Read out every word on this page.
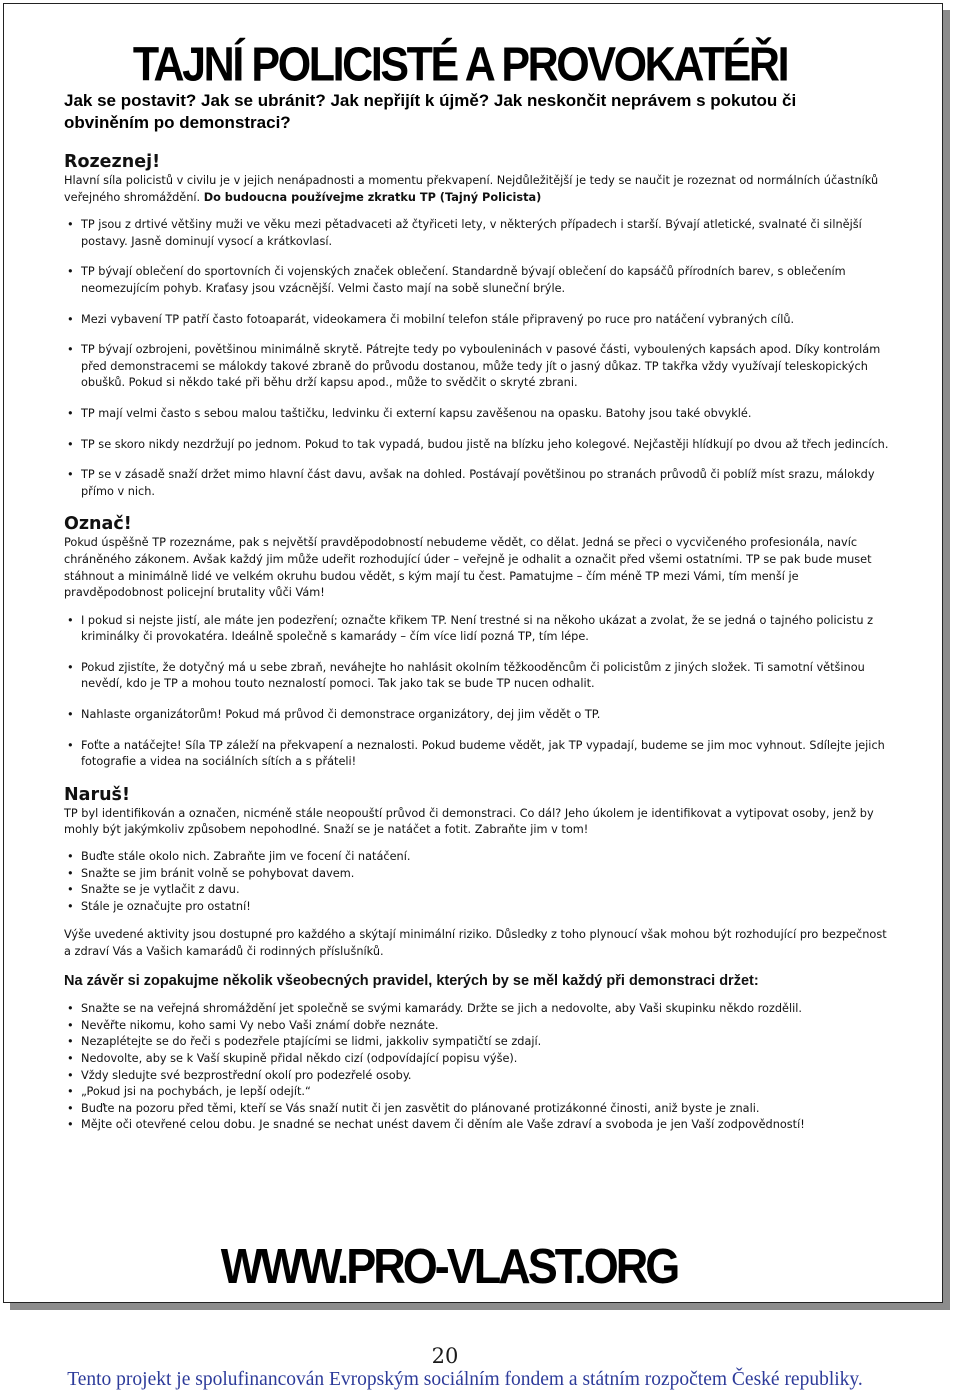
TAJNÍ POLICISTÉ A PROVOKATÉŘI
Jak se postavit? Jak se ubránit? Jak nepřijít k újmě? Jak neskončit neprávem s pokutou či obviněním po demonstraci?
Rozeznej!
Hlavní síla policistů v civilu je v jejich nenápadnosti a momentu překvapení. Nejdůležitější je tedy se naučit je rozeznat od normálních účastníků veřejného shromáždění. Do budoucna používejme zkratku TP (Tajný Policista)
• TP jsou z drtivé většiny muži ve věku mezi pětadvaceti až čtyřiceti lety, v některých případech i starší. Bývají atletické, svalnaté či silnější postavy. Jasně dominují vysocí a krátkovlasí.
• TP bývají oblečení do sportovních či vojenských značek oblečení. Standardně bývají oblečení do kapsáčů přírodních barev, s oblečením neomezujícím pohyb. Kraťasy jsou vzácnější. Velmi často mají na sobě sluneční brýle.
• Mezi vybavení TP patří často fotoaparát, videokamera či mobilní telefon stále připravený po ruce pro natáčení vybraných cílů.
• TP bývají ozbrojeni, povětšinou minimálně skrytě. Pátrejte tedy po vybouleninách v pasové části, vyboulených kapsách apod. Díky kontrolám před demonstracemi se málokdy takové zbraně do průvodu dostanou, může tedy jít o jasný důkaz. TP takřka vždy využívají teleskopických obušků. Pokud si někdo také při běhu drží kapsu apod., může to svědčit o skryté zbrani.
• TP mají velmi často s sebou malou taštičku, ledvinku či externí kapsu zavěšenou na opasku. Batohy jsou také obvyklé.
• TP se skoro nikdy nezdržují po jednom. Pokud to tak vypadá, budou jistě na blízku jeho kolegové. Nejčastěji hlídkují po dvou až třech jedincích.
• TP se v zásadě snaží držet mimo hlavní část davu, avšak na dohled. Postávají povětšinou po stranách průvodů či poblíž míst srazu, málokdy přímo v nich.
Označ!
Pokud úspěšně TP rozeznáme, pak s největší pravděpodobností nebudeme vědět, co dělat. Jedná se přeci o vycvičeného profesionála, navíc chráněného zákonem. Avšak každý jim může udeřit rozhodující úder – veřejně je odhalit a označit před všemi ostatními. TP se pak bude muset stáhnout a minimálně lidé ve velkém okruhu budou vědět, s kým mají tu čest. Pamatujme – čím méně TP mezi Vámi, tím menší je pravděpodobnost policejní brutality vůči Vám!
• I pokud si nejste jistí, ale máte jen podezření; označte křikem TP. Není trestné si na někoho ukázat a zvolat, že se jedná o tajného policistu z kriminálky či provokatéra. Ideálně společně s kamarády – čím více lidí pozná TP, tím lépe.
• Pokud zjistíte, že dotyčný má u sebe zbraň, neváhejte ho nahlásit okolním těžkooděncům či policistům z jiných složek. Ti samotní většinou nevědí, kdo je TP a mohou touto neznalostí pomoci. Tak jako tak se bude TP nucen odhalit.
• Nahlaste organizátorům! Pokud má průvod či demonstrace organizátory, dej jim vědět o TP.
• Foťte a natáčejte! Síla TP záleží na překvapení a neznalosti. Pokud budeme vědět, jak TP vypadají, budeme se jim moc vyhnout. Sdílejte jejich fotografie a videa na sociálních sítích a s přáteli!
Naruš!
TP byl identifikován a označen, nicméně stále neopouští průvod či demonstraci. Co dál? Jeho úkolem je identifikovat a vytipovat osoby, jenž by mohly být jakýmkoliv způsobem nepohodlné. Snaží se je natáčet a fotit. Zabraňte jim v tom!
• Buďte stále okolo nich. Zabraňte jim ve focení či natáčení.
• Snažte se jim bránit volně se pohybovat davem.
• Snažte se je vytlačit z davu.
• Stále je označujte pro ostatní!
Výše uvedené aktivity jsou dostupné pro každého a skýtají minimální riziko. Důsledky z toho plynoucí však mohou být rozhodující pro bezpečnost a zdraví Vás a Vašich kamarádů či rodinných příslušníků.
Na závěr si zopakujme několik všeobecných pravidel, kterých by se měl každý při demonstraci držet:
• Snažte se na veřejná shromáždění jet společně se svými kamarády. Držte se jich a nedovolte, aby Vaši skupinku někdo rozdělil.
• Nevěřte nikomu, koho sami Vy nebo Vaši známí dobře neznáte.
• Nezaplétejte se do řeči s podezřele ptajícími se lidmi, jakkoliv sympatičtí se zdají.
• Nedovolte, aby se k Vaší skupině přidal někdo cizí (odpovídající popisu výše).
• Vždy sledujte své bezprostřední okolí pro podezřelé osoby.
• „Pokud jsi na pochybách, je lepší odejít.“
• Buďte na pozoru před těmi, kteří se Vás snaží nutit či jen zasvětit do plánované protizákonné činosti, aniž byste je znali.
• Mějte oči otevřené celou dobu. Je snadné se nechat unést davem či děním ale Vaše zdraví a svoboda je jen Vaší zodpovědností!
WWW.PRO-VLAST.ORG
20
Tento projekt je spolufinancován Evropským sociálním fondem a státním rozpočtem České republiky.
